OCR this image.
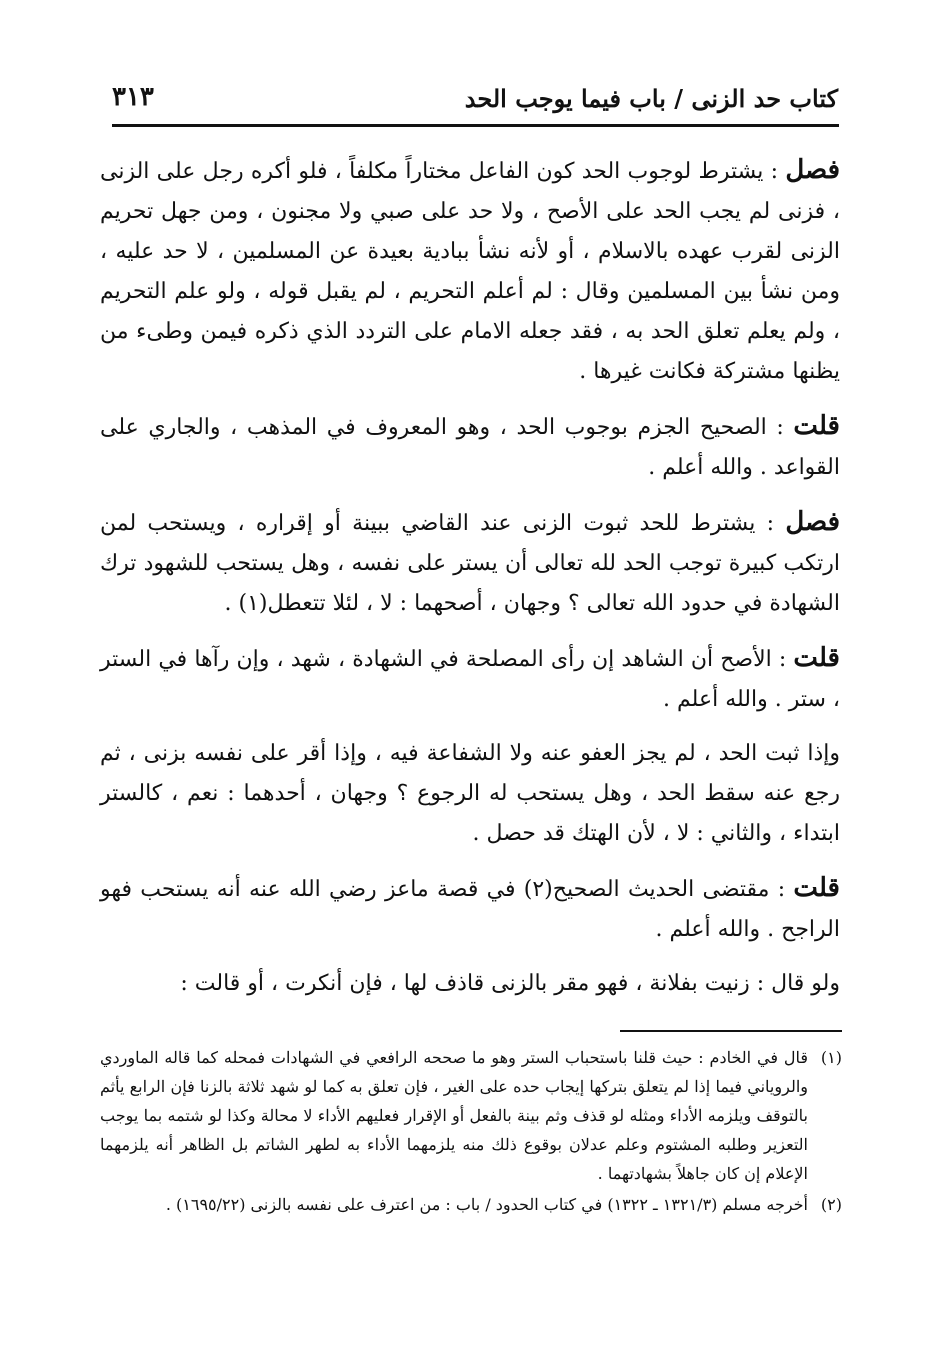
كتاب حد الزنى / باب فيما يوجب الحد
٣١٣

فصل : يشترط لوجوب الحد كون الفاعل مختاراً مكلفاً ، فلو أكره رجل على الزنى ، فزنى لم يجب الحد على الأصح ، ولا حد على صبي ولا مجنون ، ومن جهل تحريم الزنى لقرب عهده بالاسلام ، أو لأنه نشأ ببادية بعيدة عن المسلمين ، لا حد عليه ، ومن نشأ بين المسلمين وقال : لم أعلم التحريم ، لم يقبل قوله ، ولو علم التحريم ، ولم يعلم تعلق الحد به ، فقد جعله الامام على التردد الذي ذكره فيمن وطىء من يظنها مشتركة فكانت غيرها .

قلت : الصحيح الجزم بوجوب الحد ، وهو المعروف في المذهب ، والجاري على القواعد . والله أعلم .

فصل : يشترط للحد ثبوت الزنى عند القاضي ببينة أو إقراره ، ويستحب لمن ارتكب كبيرة توجب الحد لله تعالى أن يستر على نفسه ، وهل يستحب للشهود ترك الشهادة في حدود الله تعالى ؟ وجهان ، أصحهما : لا ، لئلا تتعطل(١) .

قلت : الأصح أن الشاهد إن رأى المصلحة في الشهادة ، شهد ، وإن رآها في الستر ، ستر . والله أعلم .

وإذا ثبت الحد ، لم يجز العفو عنه ولا الشفاعة فيه ، وإذا أقر على نفسه بزنى ، ثم رجع عنه سقط الحد ، وهل يستحب له الرجوع ؟ وجهان ، أحدهما : نعم ، كالستر ابتداء ، والثاني : لا ، لأن الهتك قد حصل .

قلت : مقتضى الحديث الصحيح(٢) في قصة ماعز رضي الله عنه أنه يستحب فهو الراجح . والله أعلم .

ولو قال : زنيت بفلانة ، فهو مقر بالزنى قاذف لها ، فإن أنكرت ، أو قالت :

(١)
قال في الخادم : حيث قلنا باستحباب الستر وهو ما صححه الرافعي في الشهادات فمحله كما قاله الماوردي والروياني فيما إذا لم يتعلق بتركها إيجاب حده على الغير ، فإن تعلق به كما لو شهد ثلاثة بالزنا فإن الرابع يأثم بالتوقف ويلزمه الأداء ومثله لو قذف وثم بينة بالفعل أو الإقرار فعليهم الأداء لا محالة وكذا لو شتمه بما يوجب التعزير وطلبه المشتوم وعلم عدلان بوقوع ذلك منه يلزمهما الأداء به لطهر الشاتم بل الظاهر أنه يلزمهما الإعلام إن كان جاهلاً بشهادتهما .
(٢)
أخرجه مسلم (١٣٢١/٣ ـ ١٣٢٢) في كتاب الحدود / باب : من اعترف على نفسه بالزنى (١٦٩٥/٢٢) .
